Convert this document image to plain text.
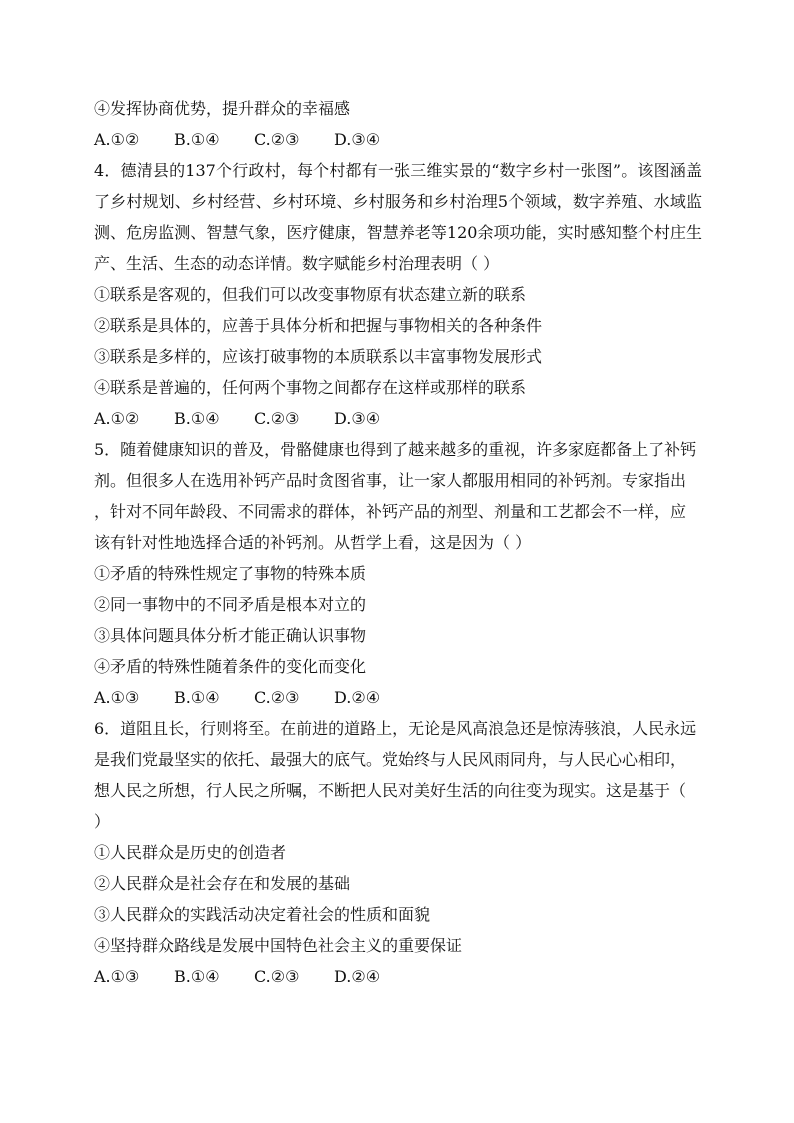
④发挥协商优势，提升群众的幸福感
A.①②	B.①④	C.②③	D.③④
4．德清县的137个行政村，每个村都有一张三维实景的“数字乡村一张图”。该图涵盖了乡村规划、乡村经营、乡村环境、乡村服务和乡村治理5个领域，数字养殖、水域监测、危房监测、智慧气象，医疗健康，智慧养老等120余项功能，实时感知整个村庄生产、生活、生态的动态详情。数字赋能乡村治理表明（ ）
①联系是客观的，但我们可以改变事物原有状态建立新的联系
②联系是具体的，应善于具体分析和把握与事物相关的各种条件
③联系是多样的，应该打破事物的本质联系以丰富事物发展形式
④联系是普遍的，任何两个事物之间都存在这样或那样的联系
A.①②	B.①④	C.②③	D.③④
5．随着健康知识的普及，骨骼健康也得到了越来越多的重视，许多家庭都备上了补钙
剂。但很多人在选用补钙产品时贪图省事，让一家人都服用相同的补钙剂。专家指出
，针对不同年龄段、不同需求的群体，补钙产品的剂型、剂量和工艺都会不一样，应
该有针对性地选择合适的补钙剂。从哲学上看，这是因为（ ）
①矛盾的特殊性规定了事物的特殊本质
②同一事物中的不同矛盾是根本对立的
③具体问题具体分析才能正确认识事物
④矛盾的特殊性随着条件的变化而变化
A.①③	B.①④	C.②③	D.②④
6．道阻且长，行则将至。在前进的道路上，无论是风高浪急还是惊涛骇浪，人民永远
是我们党最坚实的依托、最强大的底气。党始终与人民风雨同舟，与人民心心相印，
想人民之所想，行人民之所嘱，不断把人民对美好生活的向往变为现实。这是基于（
）
①人民群众是历史的创造者
②人民群众是社会存在和发展的基础
③人民群众的实践活动决定着社会的性质和面貌
④坚持群众路线是发展中国特色社会主义的重要保证
A.①③	B.①④	C.②③	D.②④
